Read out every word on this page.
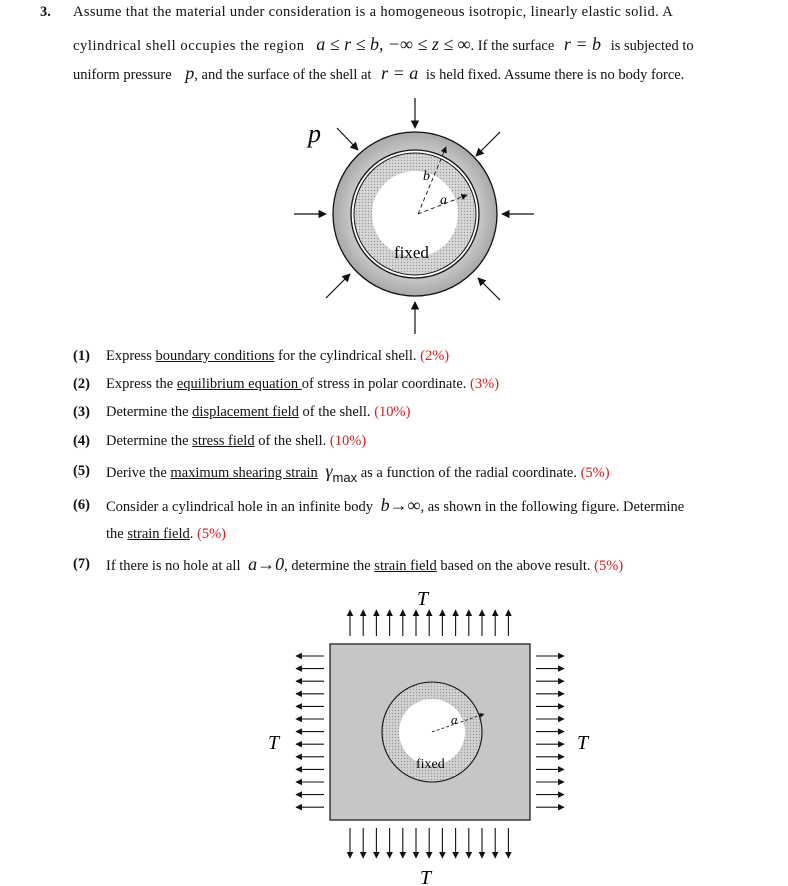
3. Assume that the material under consideration is a homogeneous isotropic, linearly elastic solid. A
cylindrical shell occupies the region a ≤ r ≤ b, −∞ ≤ z ≤ ∞. If the surface r = b is subjected to
uniform pressure p, and the surface of the shell at r = a is held fixed. Assume there is no body force.
b
a
fixed
p
(1) Express boundary conditions for the cylindrical shell. (2%)
(2) Express the equilibrium equation of stress in polar coordinate. (3%)
(3) Determine the displacement field of the shell. (10%)
(4) Determine the stress field of the shell. (10%)
(5) Derive the maximum shearing strain γmax as a function of the radial coordinate. (5%)
(6) Consider a cylindrical hole in an infinite body b→∞, as shown in the following figure. Determine
the strain field. (5%)
(7) If there is no hole at all a→0, determine the strain field based on the above result. (5%)
T
T
T	T
a
fixed
